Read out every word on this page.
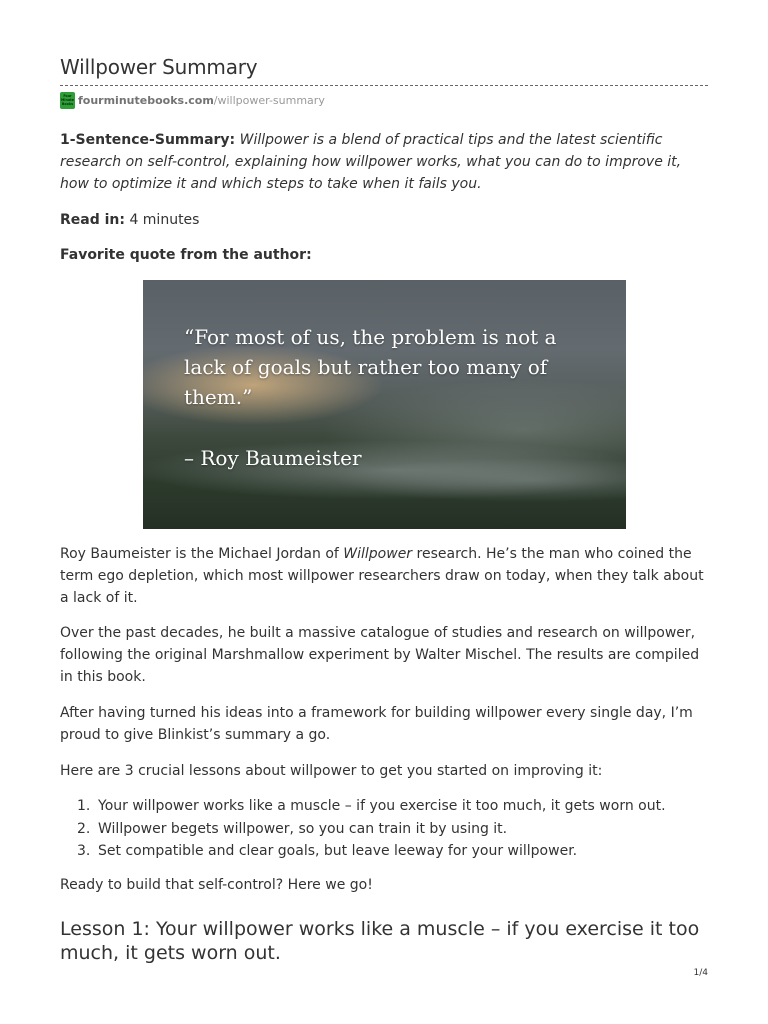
Willpower Summary
Four
Minute
Books fourminutebooks.com /willpower-summary
1-Sentence-Summary: Willpower is a blend of practical tips and the latest scientific research on self-control, explaining how willpower works, what you can do to improve it, how to optimize it and which steps to take when it fails you.
Read in: 4 minutes
Favorite quote from the author:
“For most of us, the problem is not a lack of goals but rather too many of them.”
– Roy Baumeister
Roy Baumeister is the Michael Jordan of Willpower research. He’s the man who coined the term ego depletion, which most willpower researchers draw on today, when they talk about a lack of it.
Over the past decades, he built a massive catalogue of studies and research on willpower, following the original Marshmallow experiment by Walter Mischel. The results are compiled in this book.
After having turned his ideas into a framework for building willpower every single day, I’m proud to give Blinkist’s summary a go.
Here are 3 crucial lessons about willpower to get you started on improving it:
1. Your willpower works like a muscle – if you exercise it too much, it gets worn out.
2. Willpower begets willpower, so you can train it by using it.
3. Set compatible and clear goals, but leave leeway for your willpower.
Ready to build that self-control? Here we go!
Lesson 1: Your willpower works like a muscle – if you exercise it too much, it gets worn out.
1/4
